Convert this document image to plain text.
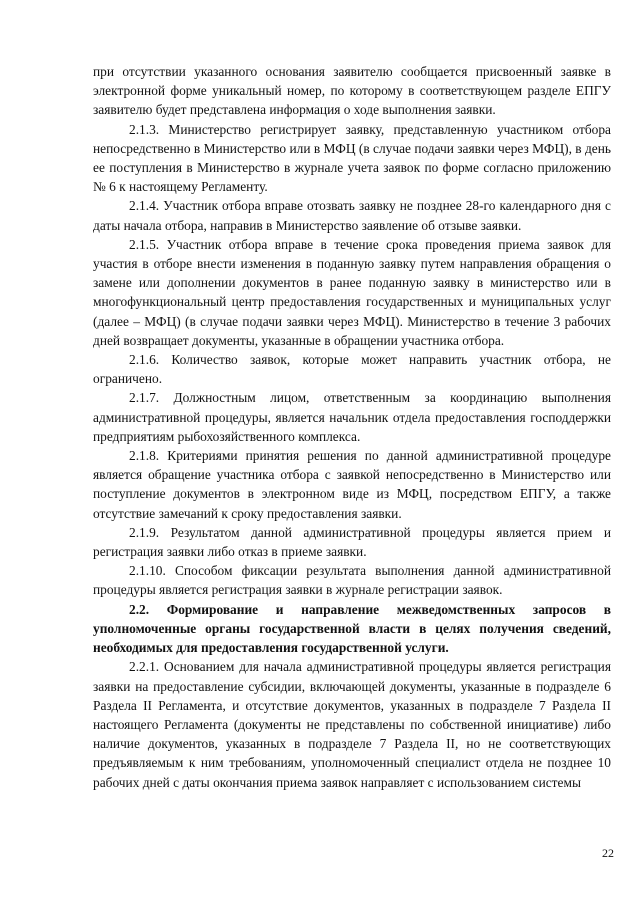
при отсутствии указанного основания заявителю сообщается присвоенный заявке в электронной форме уникальный номер, по которому в соответствующем разделе ЕПГУ заявителю будет представлена информация о ходе выполнения заявки.

2.1.3. Министерство регистрирует заявку, представленную участником отбора непосредственно в Министерство или в МФЦ (в случае подачи заявки через МФЦ), в день ее поступления в Министерство в журнале учета заявок по форме согласно приложению № 6 к настоящему Регламенту.

2.1.4. Участник отбора вправе отозвать заявку не позднее 28-го календарного дня с даты начала отбора, направив в Министерство заявление об отзыве заявки.

2.1.5. Участник отбора вправе в течение срока проведения приема заявок для участия в отборе внести изменения в поданную заявку путем направления обращения о замене или дополнении документов в ранее поданную заявку в министерство или в многофункциональный центр предоставления государственных и муниципальных услуг (далее – МФЦ) (в случае подачи заявки через МФЦ). Министерство в течение 3 рабочих дней возвращает документы, указанные в обращении участника отбора.

2.1.6. Количество заявок, которые может направить участник отбора, не ограничено.

2.1.7. Должностным лицом, ответственным за координацию выполнения административной процедуры, является начальник отдела предоставления господдержки предприятиям рыбохозяйственного комплекса.

2.1.8. Критериями принятия решения по данной административной процедуре является обращение участника отбора с заявкой непосредственно в Министерство или поступление документов в электронном виде из МФЦ, посредством ЕПГУ, а также отсутствие замечаний к сроку предоставления заявки.

2.1.9. Результатом данной административной процедуры является прием и регистрация заявки либо отказ в приеме заявки.

2.1.10. Способом фиксации результата выполнения данной административной процедуры является регистрация заявки в журнале регистрации заявок.

2.2. Формирование и направление межведомственных запросов в уполномоченные органы государственной власти в целях получения сведений, необходимых для предоставления государственной услуги.

2.2.1. Основанием для начала административной процедуры является регистрация заявки на предоставление субсидии, включающей документы, указанные в подразделе 6 Раздела II Регламента, и отсутствие документов, указанных в подразделе 7 Раздела II настоящего Регламента (документы не представлены по собственной инициативе) либо наличие документов, указанных в подразделе 7 Раздела II, но не соответствующих предъявляемым к ним требованиям, уполномоченный специалист отдела не позднее 10 рабочих дней с даты окончания приема заявок направляет с использованием системы

22
